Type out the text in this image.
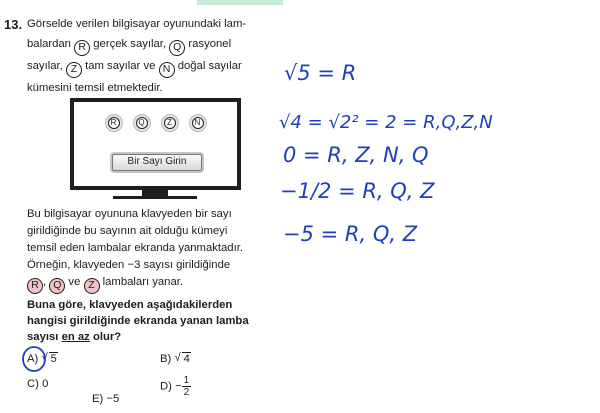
13. Görselde verilen bilgisayar oyunundaki lam-
balardan R gerçek sayılar, Q rasyonel
sayılar, Z tam sayılar ve N doğal sayılar
kümesini temsil etmektedir.
R	Q	Z	N
Bir Sayı Girin
Bu bilgisayar oyununa klavyeden bir sayı
girildiğinde bu sayının ait olduğu kümeyi
temsil eden lambalar ekranda yanmaktadır.
Örneğin, klavyeden −3 sayısı girildiğinde
R , Q ve Z lambaları yanar.
Buna göre, klavyeden aşağıdakilerden
hangisi girildiğinde ekranda yanan lamba
sayısı en az olur?
A) √ 5	B) √ 4
C) 0	$D) - \frac{1}{2}$
E) −5
√5 = R
√4 = √2² = 2 = R,Q,Z,N
0 = R, Z, N, Q
−1/2 = R, Q, Z
−5 = R, Q, Z
